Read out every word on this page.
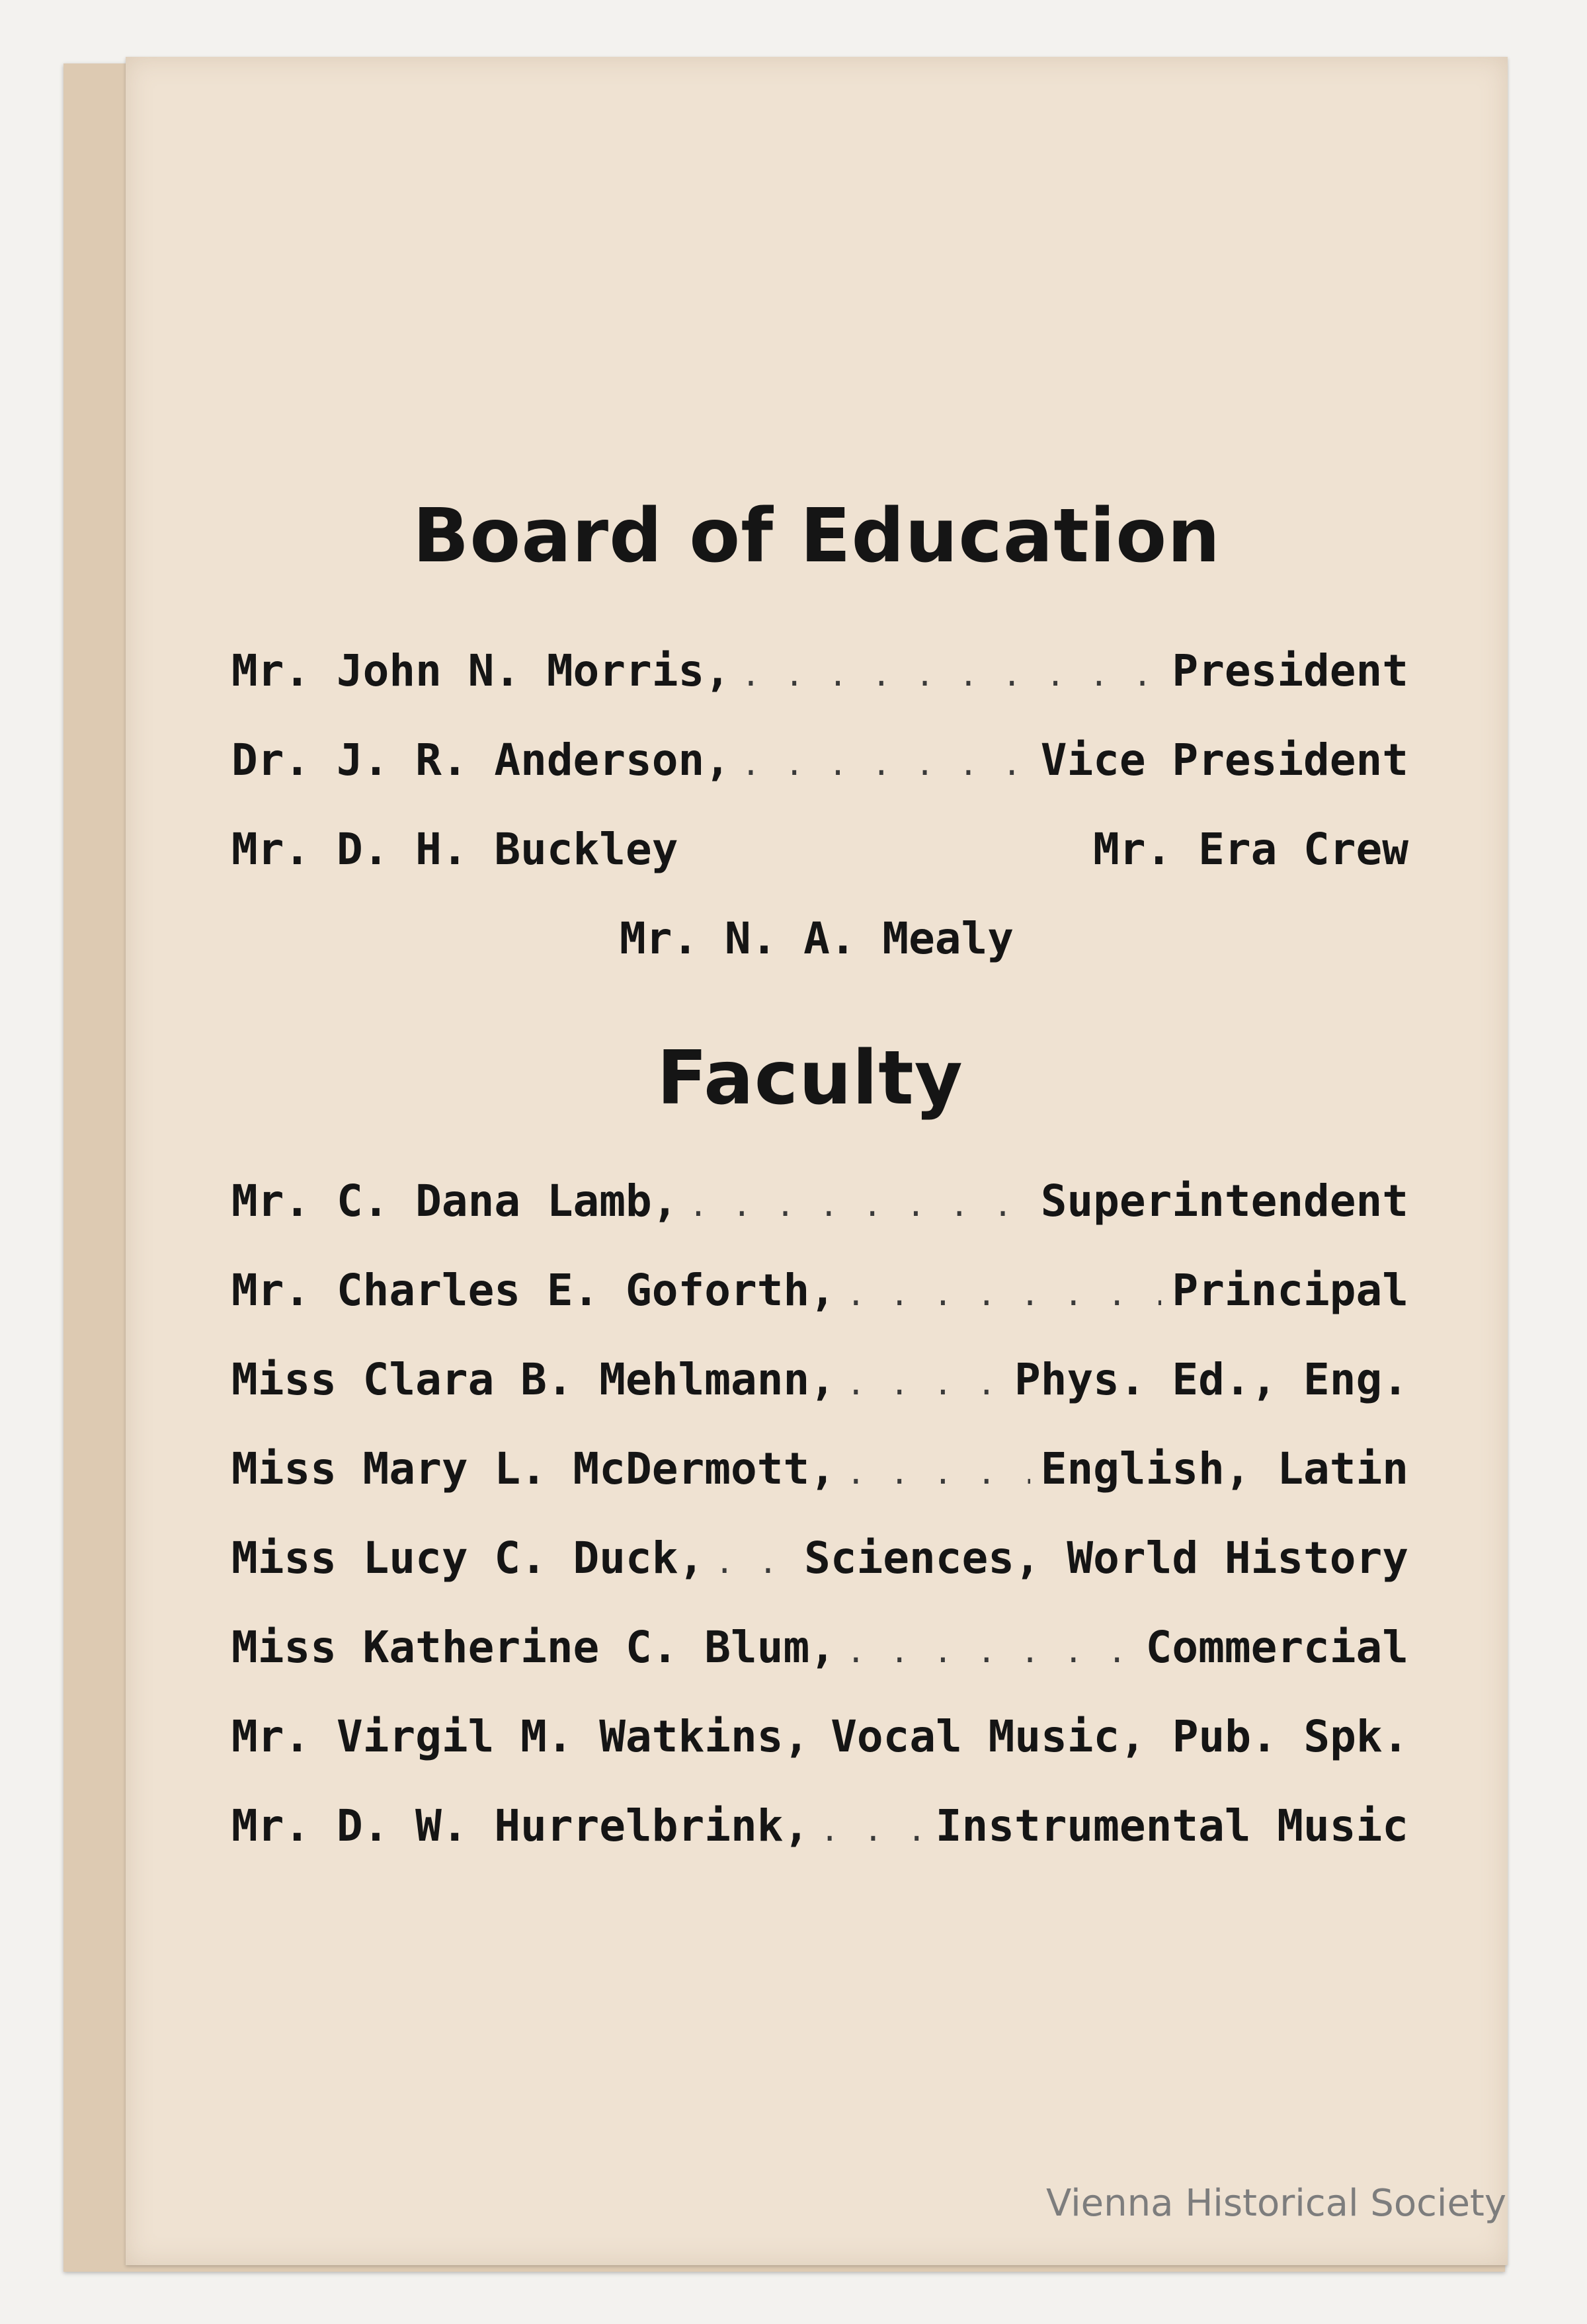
Board of Education
Mr. John N. Morris, . . .	President
Dr. J. R. Anderson, . . .	Vice President
Mr. D. H. Buckley	Mr. Era Crew
Mr. N. A. Mealy
Faculty
Mr. C. Dana Lamb, . . .	Superintendent
Mr. Charles E. Goforth, . . .	Principal
Miss Clara B. Mehlmann, . . .	Phys. Ed., Eng.
Miss Mary L. McDermott, . . .	English, Latin
Miss Lucy C. Duck, . . . Sciences, World History
Miss Katherine C. Blum, . . .	Commercial
Mr. Virgil M. Watkins, Vocal Music, Pub. Spk.
Mr. D. W. Hurrelbrink, . . .	Instrumental Music
Vienna Historical Society
